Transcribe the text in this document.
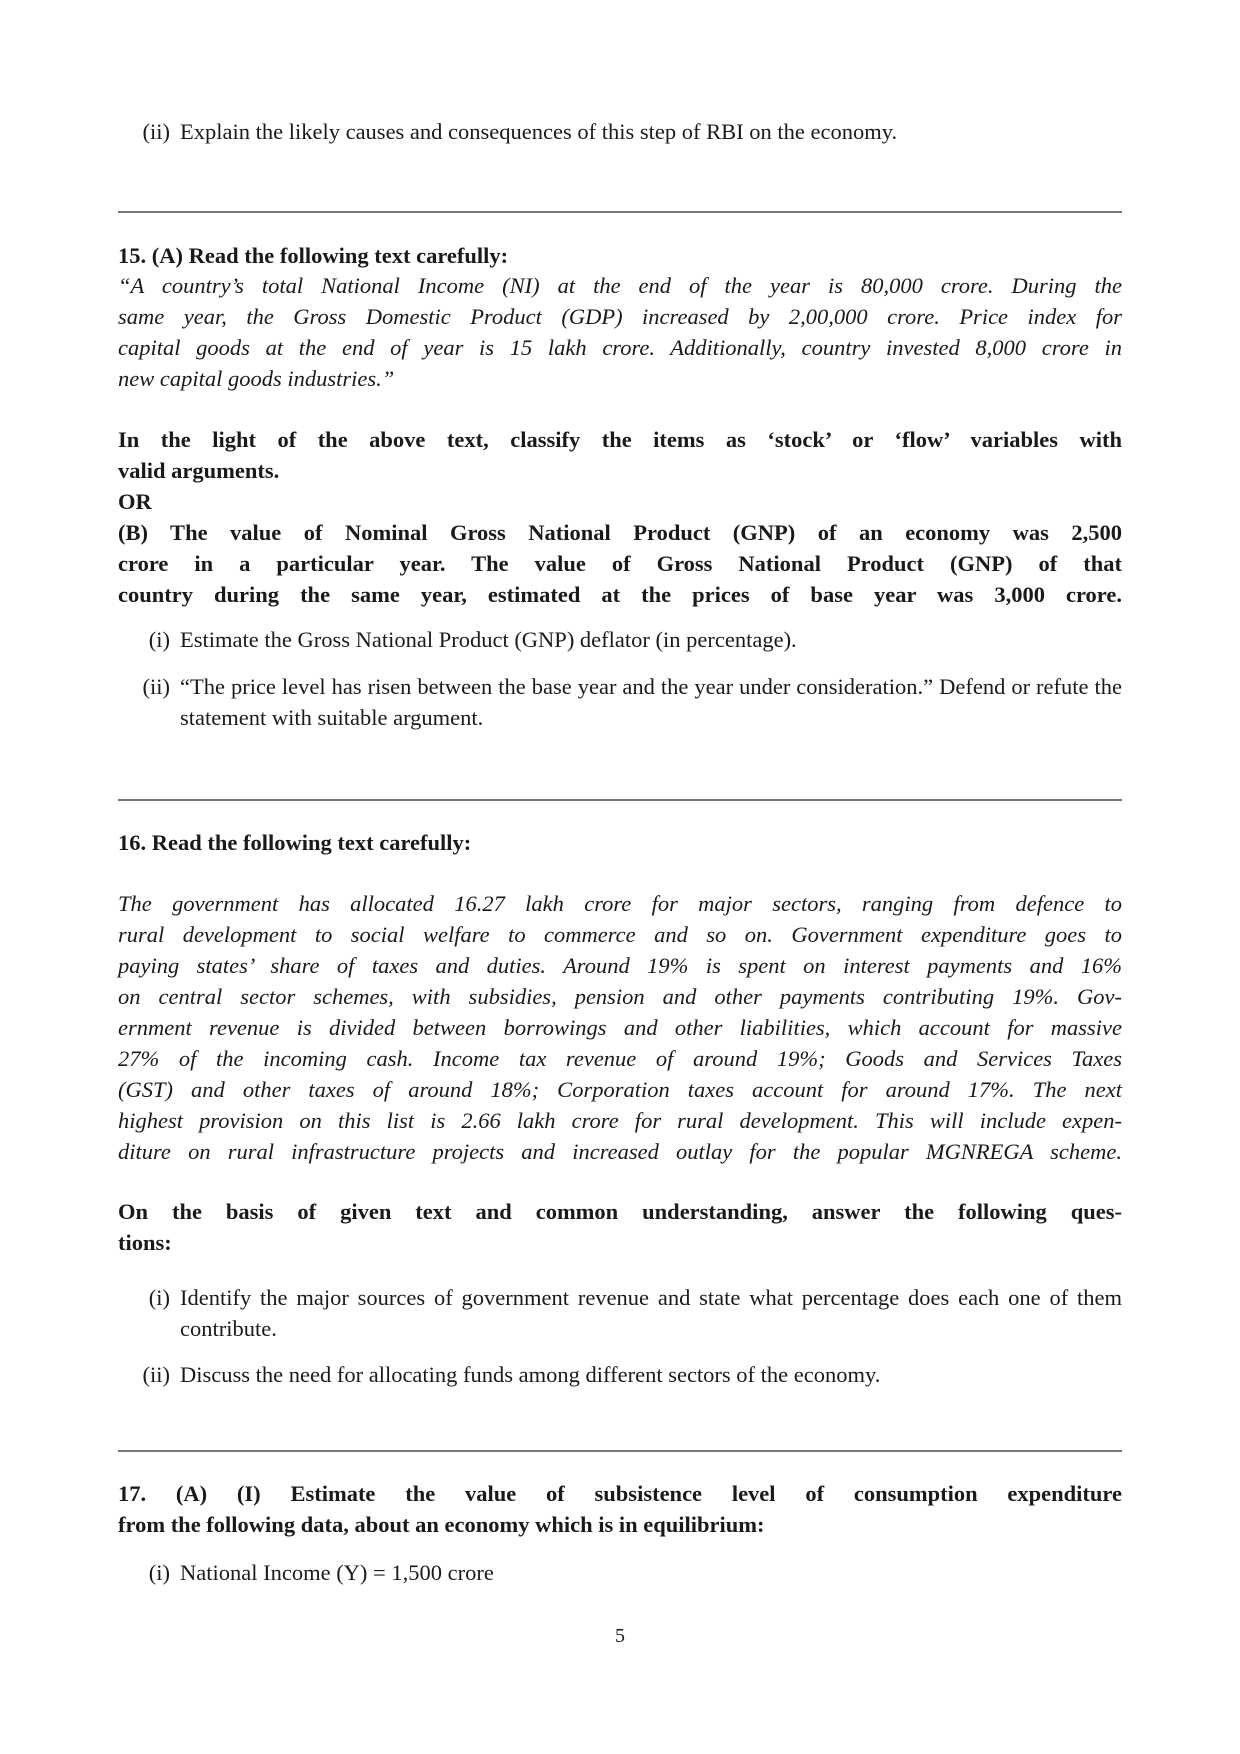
(ii) Explain the likely causes and consequences of this step of RBI on the economy.
15. (A) Read the following text carefully:
“A country’s total National Income (NI) at the end of the year is 80,000 crore. During the
same year, the Gross Domestic Product (GDP) increased by 2,00,000 crore. Price index for
capital goods at the end of year is 15 lakh crore. Additionally, country invested 8,000 crore in
new capital goods industries.”
In the light of the above text, classify the items as ‘stock’ or ‘flow’ variables with
valid arguments.
OR
(B) The value of Nominal Gross National Product (GNP) of an economy was 2,500
crore in a particular year. The value of Gross National Product (GNP) of that
country during the same year, estimated at the prices of base year was 3,000 crore.
(i) Estimate the Gross National Product (GNP) deflator (in percentage).
(ii) “The price level has risen between the base year and the year under consideration.” Defend or refute the statement with suitable argument.
16. Read the following text carefully:
The government has allocated 16.27 lakh crore for major sectors, ranging from defence to
rural development to social welfare to commerce and so on. Government expenditure goes to
paying states’ share of taxes and duties. Around 19% is spent on interest payments and 16%
on central sector schemes, with subsidies, pension and other payments contributing 19%. Gov-
ernment revenue is divided between borrowings and other liabilities, which account for massive
27% of the incoming cash. Income tax revenue of around 19%; Goods and Services Taxes
(GST) and other taxes of around 18%; Corporation taxes account for around 17%. The next
highest provision on this list is 2.66 lakh crore for rural development. This will include expen-
diture on rural infrastructure projects and increased outlay for the popular MGNREGA scheme.
On the basis of given text and common understanding, answer the following ques-
tions:
(i) Identify the major sources of government revenue and state what percentage does each one of them contribute.
(ii) Discuss the need for allocating funds among different sectors of the economy.
17. (A) (I) Estimate the value of subsistence level of consumption expenditure
from the following data, about an economy which is in equilibrium:
(i) National Income (Y) = 1,500 crore
5
